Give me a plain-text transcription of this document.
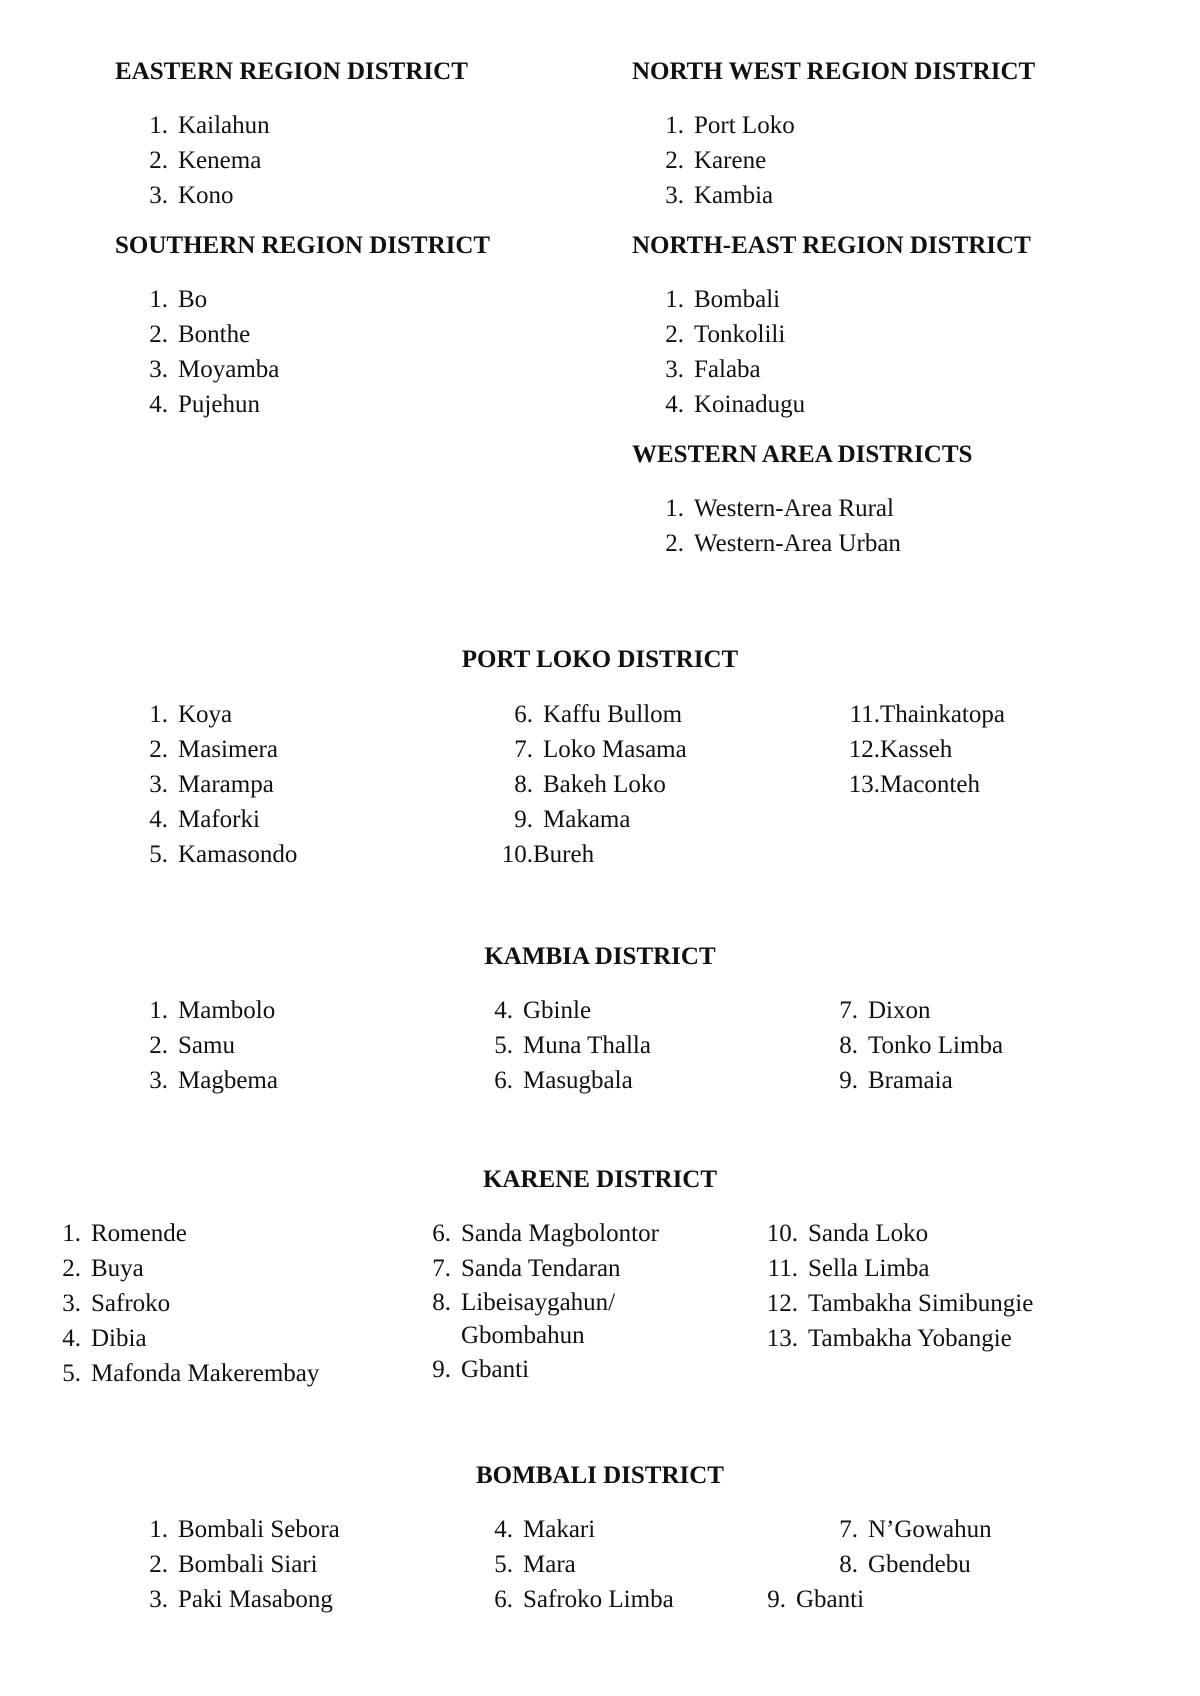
EASTERN REGION DISTRICT
1. Kailahun
2. Kenema
3. Kono
NORTH WEST REGION DISTRICT
1. Port Loko
2. Karene
3. Kambia
SOUTHERN REGION DISTRICT
1. Bo
2. Bonthe
3. Moyamba
4. Pujehun
NORTH-EAST REGION DISTRICT
1. Bombali
2. Tonkolili
3. Falaba
4. Koinadugu
WESTERN AREA DISTRICTS
1. Western-Area Rural
2. Western-Area Urban
PORT LOKO DISTRICT
1. Koya
2. Masimera
3. Marampa
4. Maforki
5. Kamasondo
6. Kaffu Bullom
7. Loko Masama
8. Bakeh Loko
9. Makama
10.Bureh
11.Thainkatopa
12.Kasseh
13.Maconteh
KAMBIA DISTRICT
1. Mambolo
2. Samu
3. Magbema
4. Gbinle
5. Muna Thalla
6. Masugbala
7. Dixon
8. Tonko Limba
9. Bramaia
KARENE DISTRICT
1. Romende
2. Buya
3. Safroko
4. Dibia
5. Mafonda Makerembay
6. Sanda Magbolontor
7. Sanda Tendaran
8. Libeisaygahun/
Gbombahun
9. Gbanti
10. Sanda Loko
11. Sella Limba
12. Tambakha Simibungie
13. Tambakha Yobangie
BOMBALI DISTRICT
1. Bombali Sebora
2. Bombali Siari
3. Paki Masabong
4. Makari
5. Mara
6. Safroko Limba
7. N’Gowahun
8. Gbendebu
9. Gbanti
